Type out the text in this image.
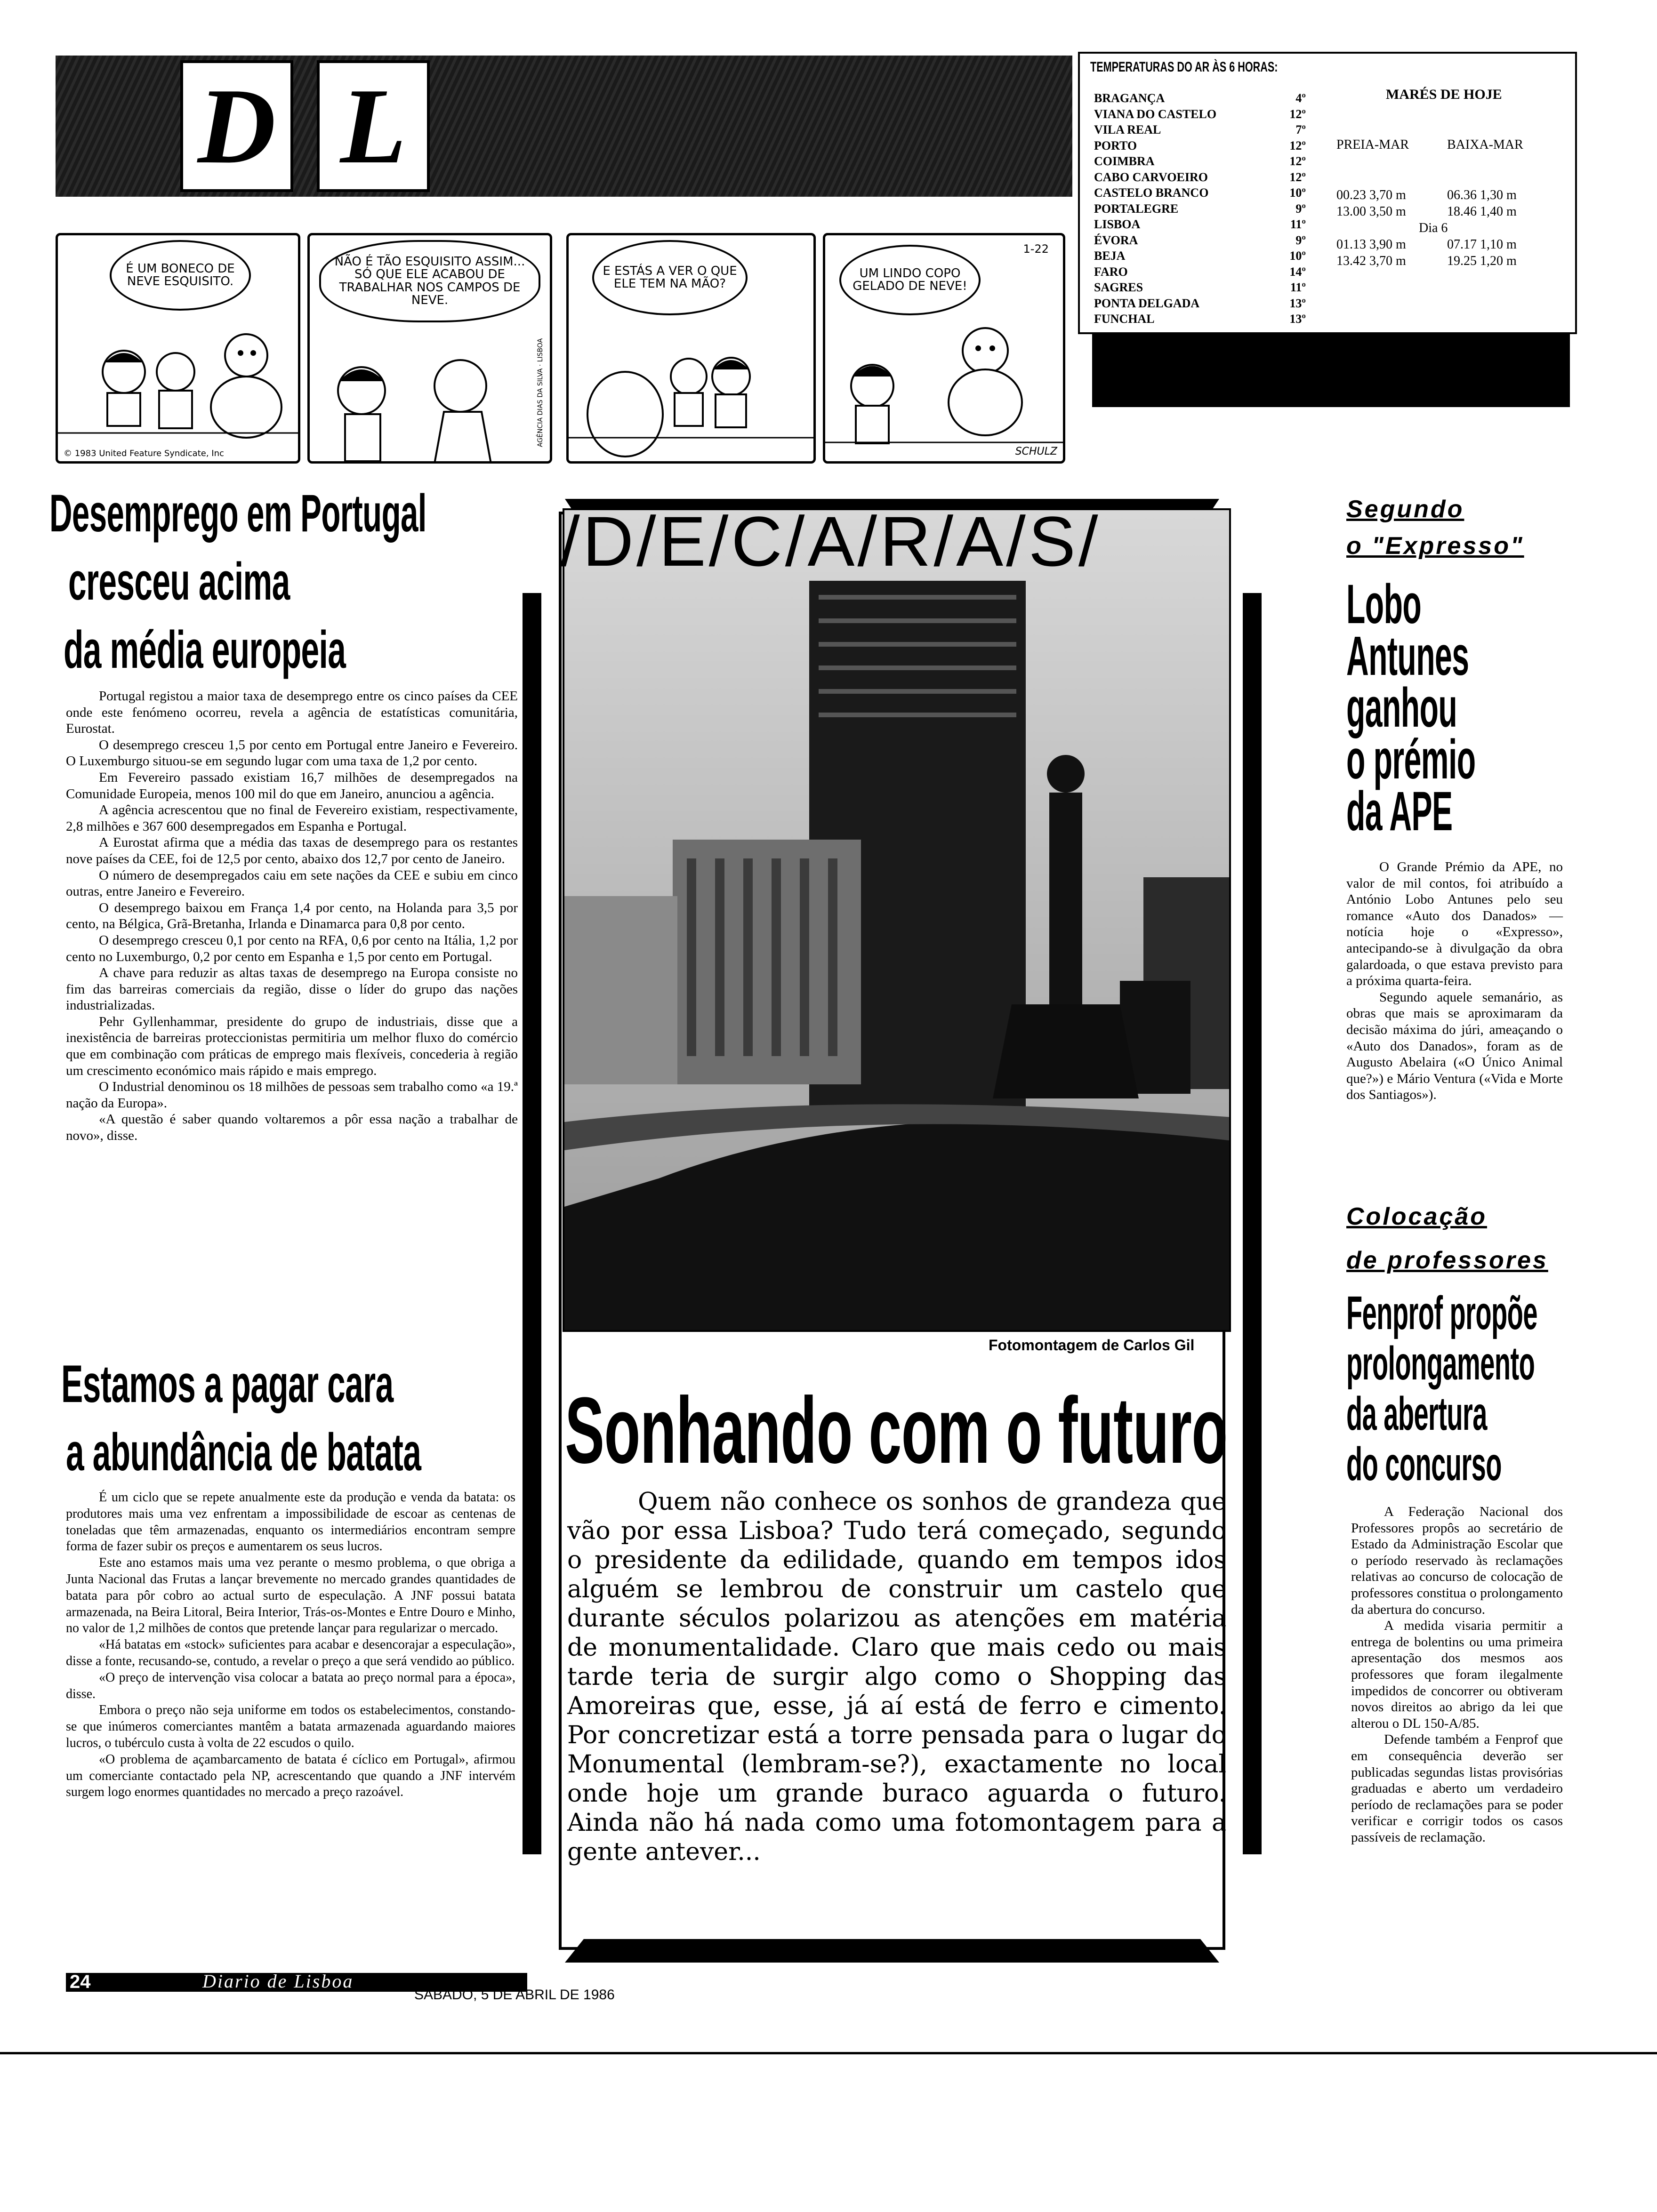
D L	TEMPERATURAS DO AR ÀS 6 HORAS:
BRAGANÇA	4º
VIANA DO CASTELO	12º
VILA REAL	7º
PORTO	12º
COIMBRA	12º
CABO CARVOEIRO	12º
CASTELO BRANCO	10º
PORTALEGRE	9º
LISBOA	11º
ÉVORA	9º
BEJA	10º
FARO	14º
SAGRES	11º
PONTA DELGADA	13º
FUNCHAL	13º
MARÉS DE HOJE
PREIA-MAR	BAIXA-MAR
00.23 3,70 m	06.36 1,30 m
13.00 3,50 m	18.46 1,40 m
Dia 6
01.13 3,90 m	07.17 1,10 m
13.42 3,70 m	19.25 1,20 m
É UM BONECO DE NEVE ESQUISITO.
© 1983 United Feature Syndicate, Inc
NÃO É TÃO ESQUISITO ASSIM... SÓ QUE ELE ACABOU DE TRABALHAR NOS CAMPOS DE NEVE.
AGÊNCIA DIAS DA SILVA · LISBOA
E ESTÁS A VER O QUE ELE TEM NA MÃO?
UM LINDO COPO GELADO DE NEVE!
1-22
SCHULZ
Desemprego em Portugal
cresceu acima
da média europeia

Portugal registou a maior taxa de desemprego entre os cinco países da CEE onde este fenómeno ocorreu, revela a agência de estatísticas comunitária, Eurostat.

O desemprego cresceu 1,5 por cento em Portugal entre Janeiro e Fevereiro. O Luxemburgo situou-se em segundo lugar com uma taxa de 1,2 por cento.

Em Fevereiro passado existiam 16,7 milhões de desempregados na Comunidade Europeia, menos 100 mil do que em Janeiro, anunciou a agência.

A agência acrescentou que no final de Fevereiro existiam, respectivamente, 2,8 milhões e 367 600 desempregados em Espanha e Portugal.

A Eurostat afirma que a média das taxas de desemprego para os restantes nove países da CEE, foi de 12,5 por cento, abaixo dos 12,7 por cento de Janeiro.

O número de desempregados caiu em sete nações da CEE e subiu em cinco outras, entre Janeiro e Fevereiro.

O desemprego baixou em França 1,4 por cento, na Holanda para 3,5 por cento, na Bélgica, Grã-Bretanha, Irlanda e Dinamarca para 0,8 por cento.

O desemprego cresceu 0,1 por cento na RFA, 0,6 por cento na Itália, 1,2 por cento no Luxemburgo, 0,2 por cento em Espanha e 1,5 por cento em Portugal.

A chave para reduzir as altas taxas de desemprego na Europa consiste no fim das barreiras comerciais da região, disse o líder do grupo das nações industrializadas.

Pehr Gyllenhammar, presidente do grupo de industriais, disse que a inexistência de barreiras proteccionistas permitiria um melhor fluxo do comércio que em combinação com práticas de emprego mais flexíveis, concederia à região um crescimento económico mais rápido e mais emprego.

O Industrial denominou os 18 milhões de pessoas sem trabalho como «a 19.ª nação da Europa».

«A questão é saber quando voltaremos a pôr essa nação a trabalhar de novo», disse.

Estamos a pagar cara
a abundância de batata

É um ciclo que se repete anualmente este da produção e venda da batata: os produtores mais uma vez enfrentam a impossibilidade de escoar as centenas de toneladas que têm armazenadas, enquanto os intermediários encontram sempre forma de fazer subir os preços e aumentarem os seus lucros.

Este ano estamos mais uma vez perante o mesmo problema, o que obriga a Junta Nacional das Frutas a lançar brevemente no mercado grandes quantidades de batata para pôr cobro ao actual surto de especulação. A JNF possui batata armazenada, na Beira Litoral, Beira Interior, Trás-os-Montes e Entre Douro e Minho, no valor de 1,2 milhões de contos que pretende lançar para regularizar o mercado.

«Há batatas em «stock» suficientes para acabar e desencorajar a especulação», disse a fonte, recusando-se, contudo, a revelar o preço a que será vendido ao público.

«O preço de intervenção visa colocar a batata ao preço normal para a época», disse.

Embora o preço não seja uniforme em todos os estabelecimentos, constando-se que inúmeros comerciantes mantêm a batata armazenada aguardando maiores lucros, o tubérculo custa à volta de 22 escudos o quilo.

«O problema de açambarcamento de batata é cíclico em Portugal», afirmou um comerciante contactado pela NP, acrescentando que quando a JNF intervém surgem logo enormes quantidades no mercado a preço razoável.

/D/E/C/A/R/A/S/
Fotomontagem de Carlos Gil
Sonhando com o futuro
Quem não conhece os sonhos de grandeza que vão por essa Lisboa? Tudo terá começado, segundo o presidente da edilidade, quando em tempos idos alguém se lembrou de construir um castelo que durante séculos polarizou as atenções em matéria de monumentalidade. Claro que mais cedo ou mais tarde teria de surgir algo como o Shopping das Amoreiras que, esse, já aí está de ferro e cimento. Por concretizar está a torre pensada para o lugar do Monumental (lembram-se?), exactamente no local onde hoje um grande buraco aguarda o futuro. Ainda não há nada como uma fotomontagem para a gente antever...
Segundo
o "Expresso"
Lobo
Antunes
ganhou
o prémio
da APE

O Grande Prémio da APE, no valor de mil contos, foi atribuído a António Lobo Antunes pelo seu romance «Auto dos Danados» — notícia hoje o «Expresso», antecipando-se à divulgação da obra galardoada, o que estava previsto para a próxima quarta-feira.

Segundo aquele semanário, as obras que mais se aproximaram da decisão máxima do júri, ameaçando o «Auto dos Danados», foram as de Augusto Abelaira («O Único Animal que?») e Mário Ventura («Vida e Morte dos Santiagos»).

Colocação
de professores
Fenprof propõe
prolongamento
da abertura
do concurso

A Federação Nacional dos Professores propôs ao secretário de Estado da Administração Escolar que o período reservado às reclamações relativas ao concurso de colocação de professores constitua o prolongamento da abertura do concurso.

A medida visaria permitir a entrega de bolentins ou uma primeira apresentação dos mesmos aos professores que foram ilegalmente impedidos de concorrer ou obtiveram novos direitos ao abrigo da lei que alterou o DL 150-A/85.

Defende também a Fenprof que em consequência deverão ser publicadas segundas listas provisórias graduadas e aberto um verdadeiro período de reclamações para se poder verificar e corrigir todos os casos passíveis de reclamação.

24	Diario de Lisboa
SÁBADO, 5 DE ABRIL DE 1986
